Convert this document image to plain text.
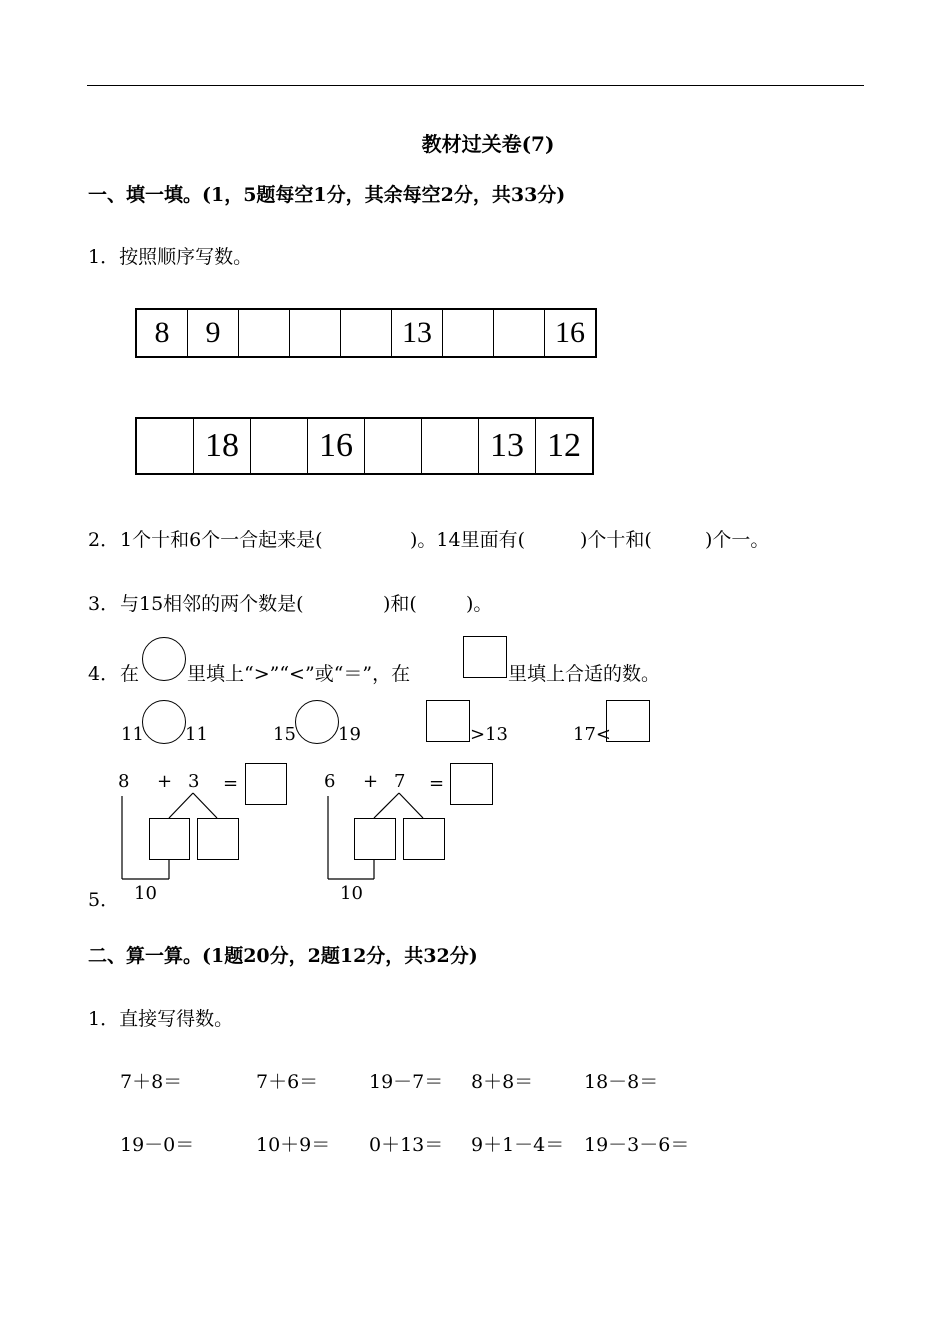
教材过关卷(7)
一、填一填。(1，5题每空1分，其余每空2分，共33分)
1．按照顺序写数。
8	9	13	16
18	16	13 12
2． 1个十和6个一合起来是(	)。14里面有(	)个十和(	)个一。
3． 与15相邻的两个数是(	)和(	)。
4． 在	里填上“>”“<”或“＝”，在	里填上合适的数。
11 11	15 19	>13	17<
5．
8 + 3 =
10
6 + 7 =
10
二、算一算。(1题20分，2题12分，共32分)
1．直接写得数。
7＋8＝	7＋6＝	19－7＝ 8＋8＝	18－8＝
19－0＝	10＋9＝ 0＋13＝ 9＋1－4＝ 19－3－6＝
